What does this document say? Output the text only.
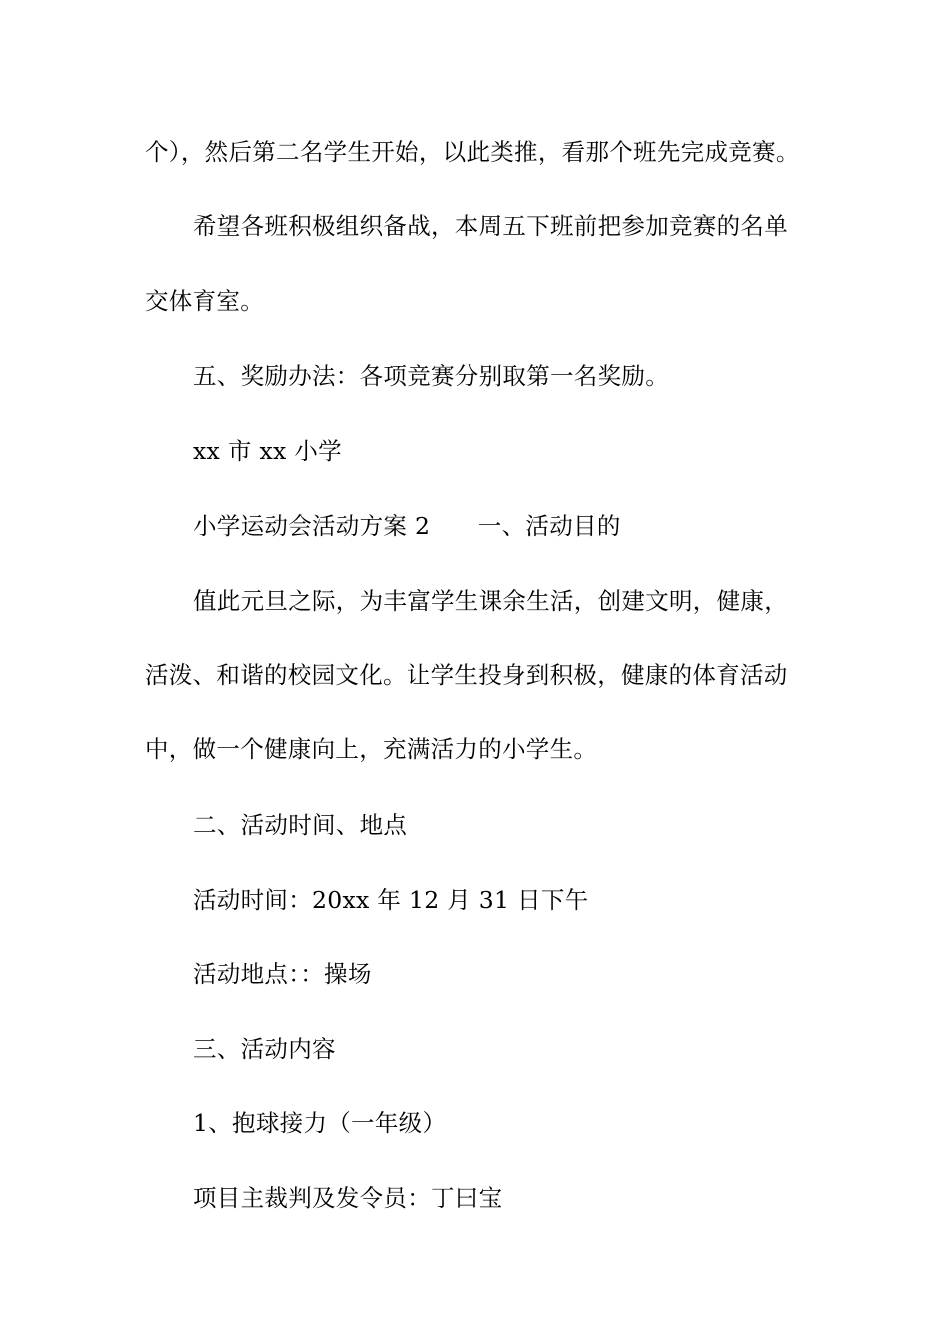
个），然后第二名学生开始，以此类推，看那个班先完成竞赛。
希望各班积极组织备战，本周五下班前把参加竞赛的名单
交体育室。
五、奖励办法：各项竞赛分别取第一名奖励。
xx 市 xx 小学
小学运动会活动方案 2　　一、活动目的
值此元旦之际，为丰富学生课余生活，创建文明，健康，
活泼、和谐的校园文化。让学生投身到积极，健康的体育活动
中，做一个健康向上，充满活力的小学生。
二、活动时间、地点
活动时间：20xx 年 12 月 31 日下午
活动地点：：操场
三、活动内容
1、抱球接力（一年级）
项目主裁判及发令员：丁曰宝
